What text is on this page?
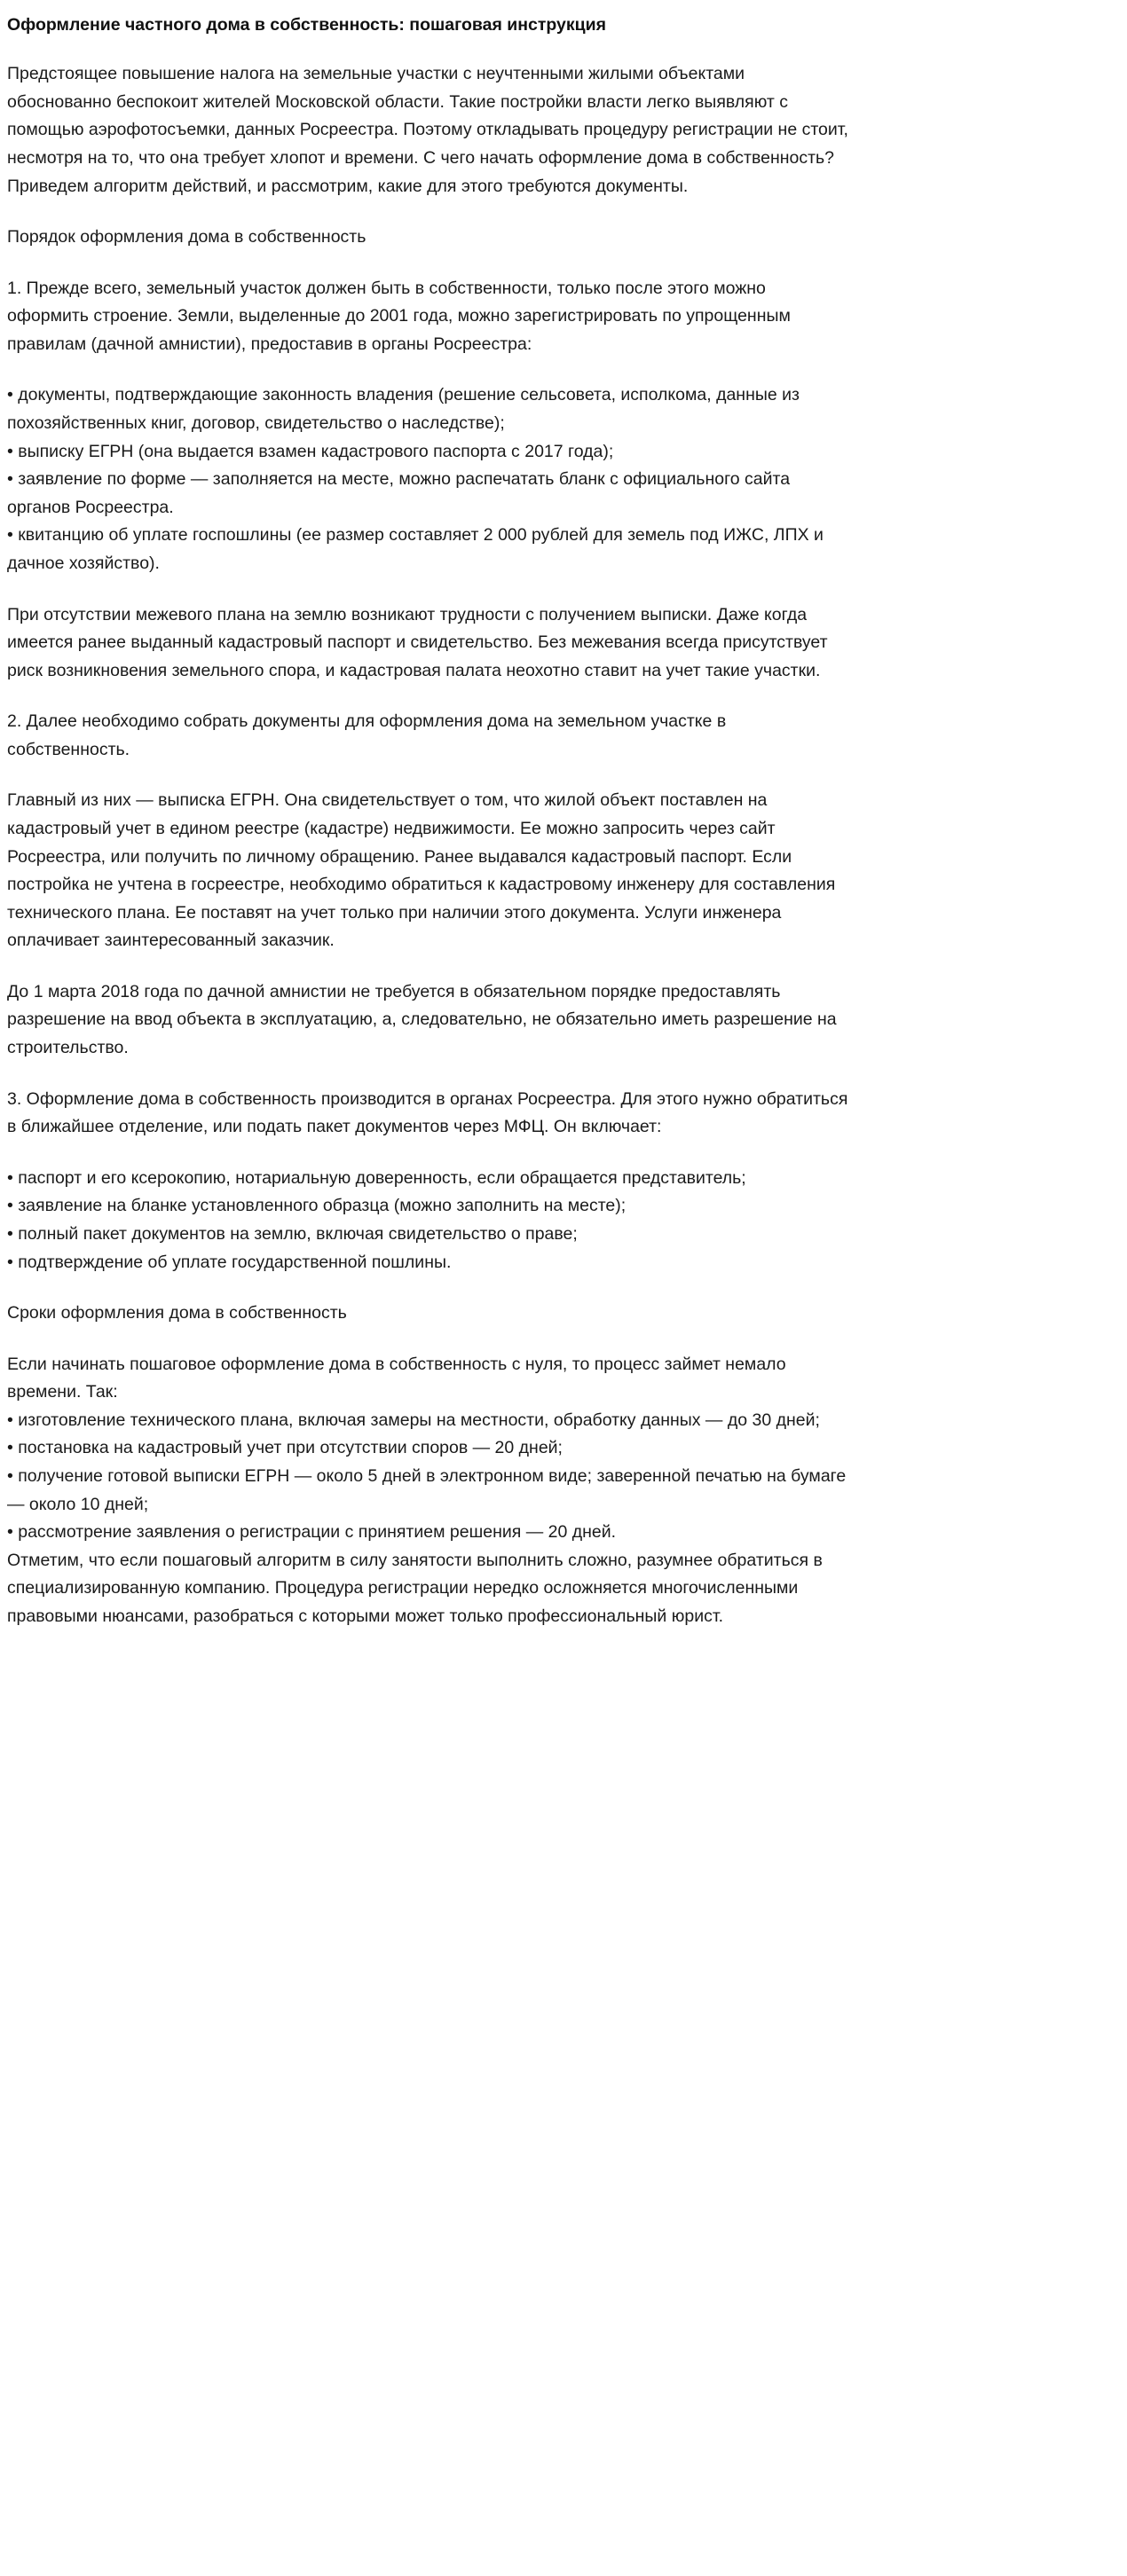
Оформление частного дома в собственность: пошаговая инструкция

Предстоящее повышение налога на земельные участки с неучтенными жилыми объектами обоснованно беспокоит жителей Московской области. Такие постройки власти легко выявляют с помощью аэрофотосъемки, данных Росреестра. Поэтому откладывать процедуру регистрации не стоит, несмотря на то, что она требует хлопот и времени. С чего начать оформление дома в собственность? Приведем алгоритм действий, и рассмотрим, какие для этого требуются документы.

Порядок оформления дома в собственность

1. Прежде всего, земельный участок должен быть в собственности, только после этого можно оформить строение. Земли, выделенные до 2001 года, можно зарегистрировать по упрощенным правилам (дачной амнистии), предоставив в органы Росреестра:

• документы, подтверждающие законность владения (решение сельсовета, исполкома, данные из похозяйственных книг, договор, свидетельство о наследстве);
• выписку ЕГРН (она выдается взамен кадастрового паспорта с 2017 года);
• заявление по форме — заполняется на месте, можно распечатать бланк с официального сайта органов Росреестра.
• квитанцию об уплате госпошлины (ее размер составляет 2 000 рублей для земель под ИЖС, ЛПХ и дачное хозяйство).

При отсутствии межевого плана на землю возникают трудности с получением выписки. Даже когда имеется ранее выданный кадастровый паспорт и свидетельство. Без межевания всегда присутствует риск возникновения земельного спора, и кадастровая палата неохотно ставит на учет такие участки.

2. Далее необходимо собрать документы для оформления дома на земельном участке в собственность.

Главный из них — выписка ЕГРН. Она свидетельствует о том, что жилой объект поставлен на кадастровый учет в едином реестре (кадастре) недвижимости. Ее можно запросить через сайт Росреестра, или получить по личному обращению. Ранее выдавался кадастровый паспорт. Если постройка не учтена в госреестре, необходимо обратиться к кадастровому инженеру для составления технического плана. Ее поставят на учет только при наличии этого документа. Услуги инженера оплачивает заинтересованный заказчик.

До 1 марта 2018 года по дачной амнистии не требуется в обязательном порядке предоставлять разрешение на ввод объекта в эксплуатацию, а, следовательно, не обязательно иметь разрешение на строительство.

3. Оформление дома в собственность производится в органах Росреестра. Для этого нужно обратиться в ближайшее отделение, или подать пакет документов через МФЦ. Он включает:

• паспорт и его ксерокопию, нотариальную доверенность, если обращается представитель;
• заявление на бланке установленного образца (можно заполнить на месте);
• полный пакет документов на землю, включая свидетельство о праве;
• подтверждение об уплате государственной пошлины.

Сроки оформления дома в собственность

Если начинать пошаговое оформление дома в собственность с нуля, то процесс займет немало времени. Так:

• изготовление технического плана, включая замеры на местности, обработку данных — до 30 дней;
• постановка на кадастровый учет при отсутствии споров — 20 дней;
• получение готовой выписки ЕГРН — около 5 дней в электронном виде; заверенной печатью на бумаге — около 10 дней;
• рассмотрение заявления о регистрации с принятием решения — 20 дней.

Отметим, что если пошаговый алгоритм в силу занятости выполнить сложно, разумнее обратиться в специализированную компанию. Процедура регистрации нередко осложняется многочисленными правовыми нюансами, разобраться с которыми может только профессиональный юрист.
